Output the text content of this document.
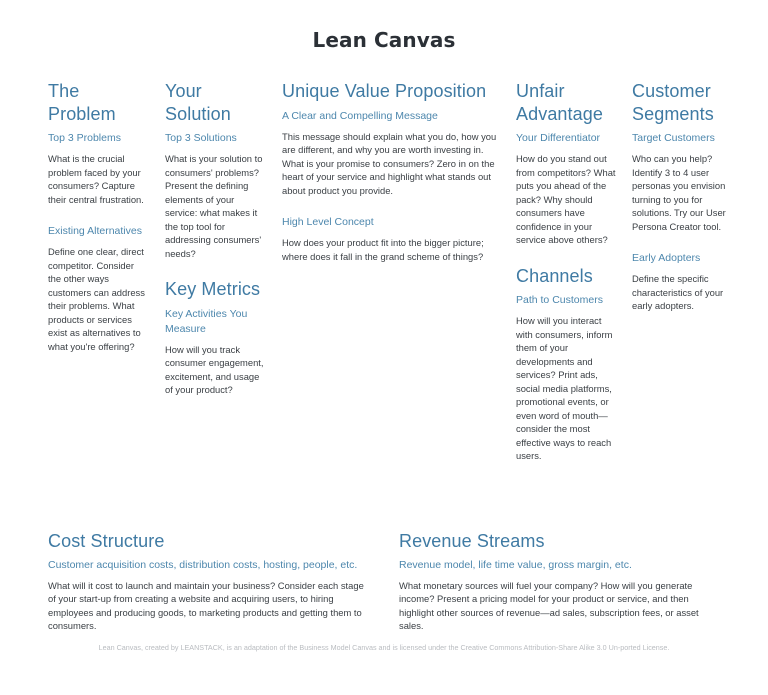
Lean Canvas
The Problem
Top 3 Problems
What is the crucial problem faced by your consumers? Capture their central frustration.
Existing Alternatives
Define one clear, direct competitor. Consider the other ways customers can address their problems. What products or services exist as alternatives to what you're offering?
Your Solution
Top 3 Solutions
What is your solution to consumers' problems? Present the defining elements of your service: what makes it the top tool for addressing consumers' needs?
Key Metrics
Key Activities You Measure
How will you track consumer engagement, excitement, and usage of your product?
Unique Value Proposition
A Clear and Compelling Message
This message should explain what you do, how you are different, and why you are worth investing in. What is your promise to consumers? Zero in on the heart of your service and highlight what stands out about product you provide.
High Level Concept
How does your product fit into the bigger picture; where does it fall in the grand scheme of things?
Unfair Advantage
Your Differentiator
How do you stand out from competitors? What puts you ahead of the pack? Why should consumers have confidence in your service above others?
Channels
Path to Customers
How will you interact with consumers, inform them of your developments and services? Print ads, social media platforms, promotional events, or even word of mouth—consider the most effective ways to reach users.
Customer Segments
Target Customers
Who can you help? Identify 3 to 4 user personas you envision turning to you for solutions. Try our User Persona Creator tool.
Early Adopters
Define the specific characteristics of your early adopters.
Cost Structure
Customer acquisition costs, distribution costs, hosting, people, etc.
What will it cost to launch and maintain your business? Consider each stage of your start-up from creating a website and acquiring users, to hiring employees and producing goods, to marketing products and getting them to consumers.
Revenue Streams
Revenue model, life time value, gross margin, etc.
What monetary sources will fuel your company? How will you generate income? Present a pricing model for your product or service, and then highlight other sources of revenue—ad sales, subscription fees, or asset sales.
Lean Canvas, created by LEANSTACK, is an adaptation of the Business Model Canvas and is licensed under the Creative Commons Attribution-Share Alike 3.0 Un-ported License.
